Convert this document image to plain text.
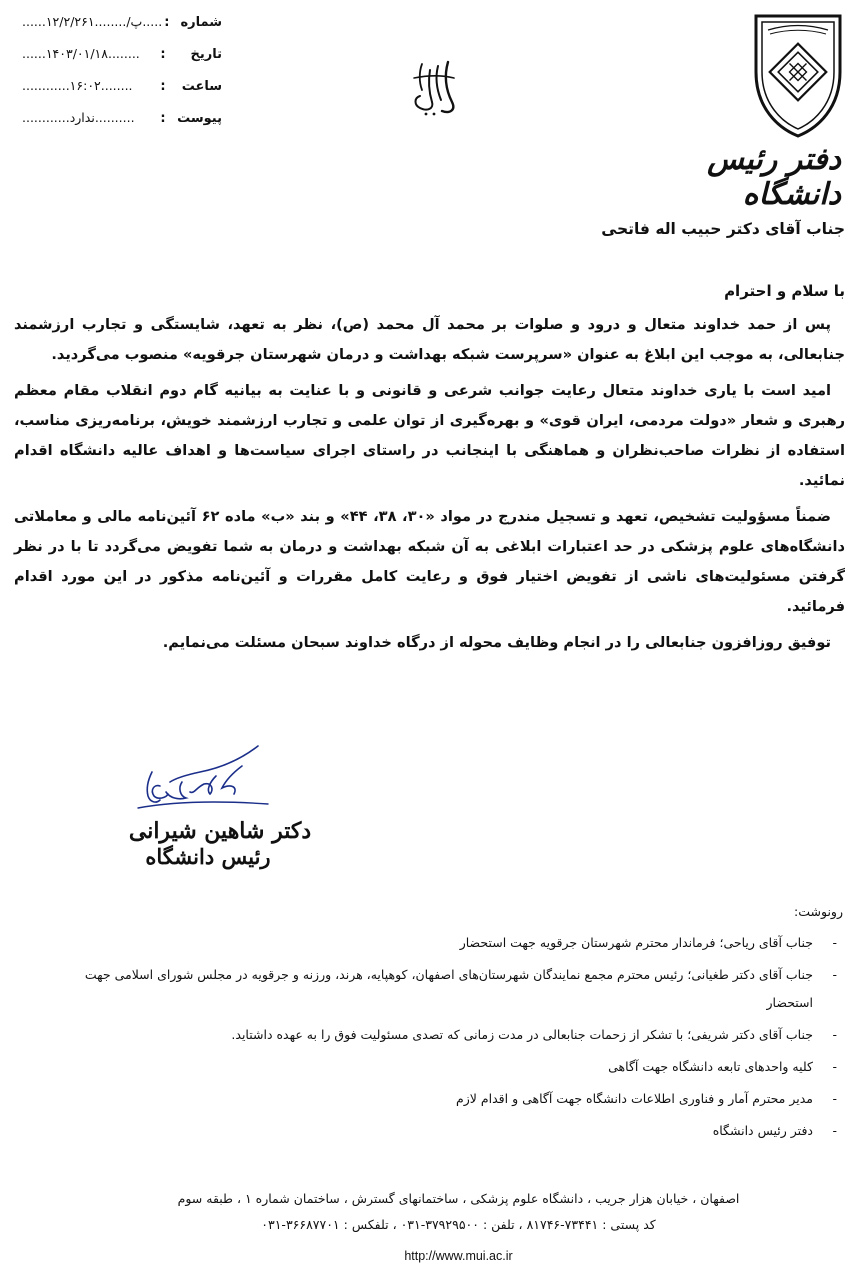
شماره
:
......۱۲/۲/۲۶۱......../پ.....
تاریخ
:
......۱۴۰۳/۰۱/۱۸........
ساعت
:
............۱۶:۰۲........
پیوست
:
............ندارد..........
دفتر رئیس دانشگاه
جناب آقای دکتر حبیب اله فاتحی
با سلام و احترام

پس از حمد خداوند متعال و درود و صلوات بر محمد آل محمد (ص)، نظر به تعهد، شایستگی و تجارب ارزشمند جنابعالی، به موجب این ابلاغ به عنوان «سرپرست شبکه بهداشت و درمان شهرستان جرقویه» منصوب می‌گردید.

امید است با یاری خداوند متعال رعایت جوانب شرعی و قانونی و با عنایت به بیانیه گام دوم انقلاب مقام معظم رهبری و شعار «دولت مردمی، ایران قوی» و بهره‌گیری از توان علمی و تجارب ارزشمند خویش، برنامه‌ریزی مناسب، استفاده از نظرات صاحب‌نظران و هماهنگی با اینجانب در راستای اجرای سیاست‌ها و اهداف عالیه دانشگاه اقدام نمائید.

ضمناً مسؤولیت تشخیص، تعهد و تسجیل مندرج در مواد «۳۰، ۳۸، ۴۴» و بند «ب» ماده ۶۲ آئین‌نامه مالی و معاملاتی دانشگاه‌های علوم پزشکی در حد اعتبارات ابلاغی به آن شبکه بهداشت و درمان به شما تفویض می‌گردد تا با در نظر گرفتن مسئولیت‌های ناشی از تفویض اختیار فوق و رعایت کامل مقررات و آئین‌نامه مذکور در این مورد اقدام فرمائید.

توفیق روزافزون جنابعالی را در انجام وظایف محوله از درگاه خداوند سبحان مسئلت می‌نمایم.

دکتر شاهین شیرانی
رئیس دانشگاه
رونوشت:
- جناب آقای ریاحی؛ فرماندار محترم شهرستان جرقویه جهت استحضار
- جناب آقای دکتر طغیانی؛ رئیس محترم مجمع نمایندگان شهرستان‌های اصفهان، کوهپایه، هرند، ورزنه و جرقویه در مجلس شورای اسلامی جهت استحضار
- جناب آقای دکتر شریفی؛ با تشکر از زحمات جنابعالی در مدت زمانی که تصدی مسئولیت فوق را به عهده داشتاید.
- کلیه واحدهای تابعه دانشگاه جهت آگاهی
- مدیر محترم آمار و فناوری اطلاعات دانشگاه جهت آگاهی و اقدام لازم
- دفتر رئیس دانشگاه
اصفهان ، خیابان هزار جریب ، دانشگاه علوم پزشکی ، ساختمانهای گسترش ، ساختمان شماره ۱ ، طبقه سوم
کد پستی : ۷۳۴۴۱-۸۱۷۴۶ ، تلفن : ۳۷۹۲۹۵۰۰-۰۳۱ ، تلفکس : ۳۶۶۸۷۷۰۱-۰۳۱
http://www.mui.ac.ir
